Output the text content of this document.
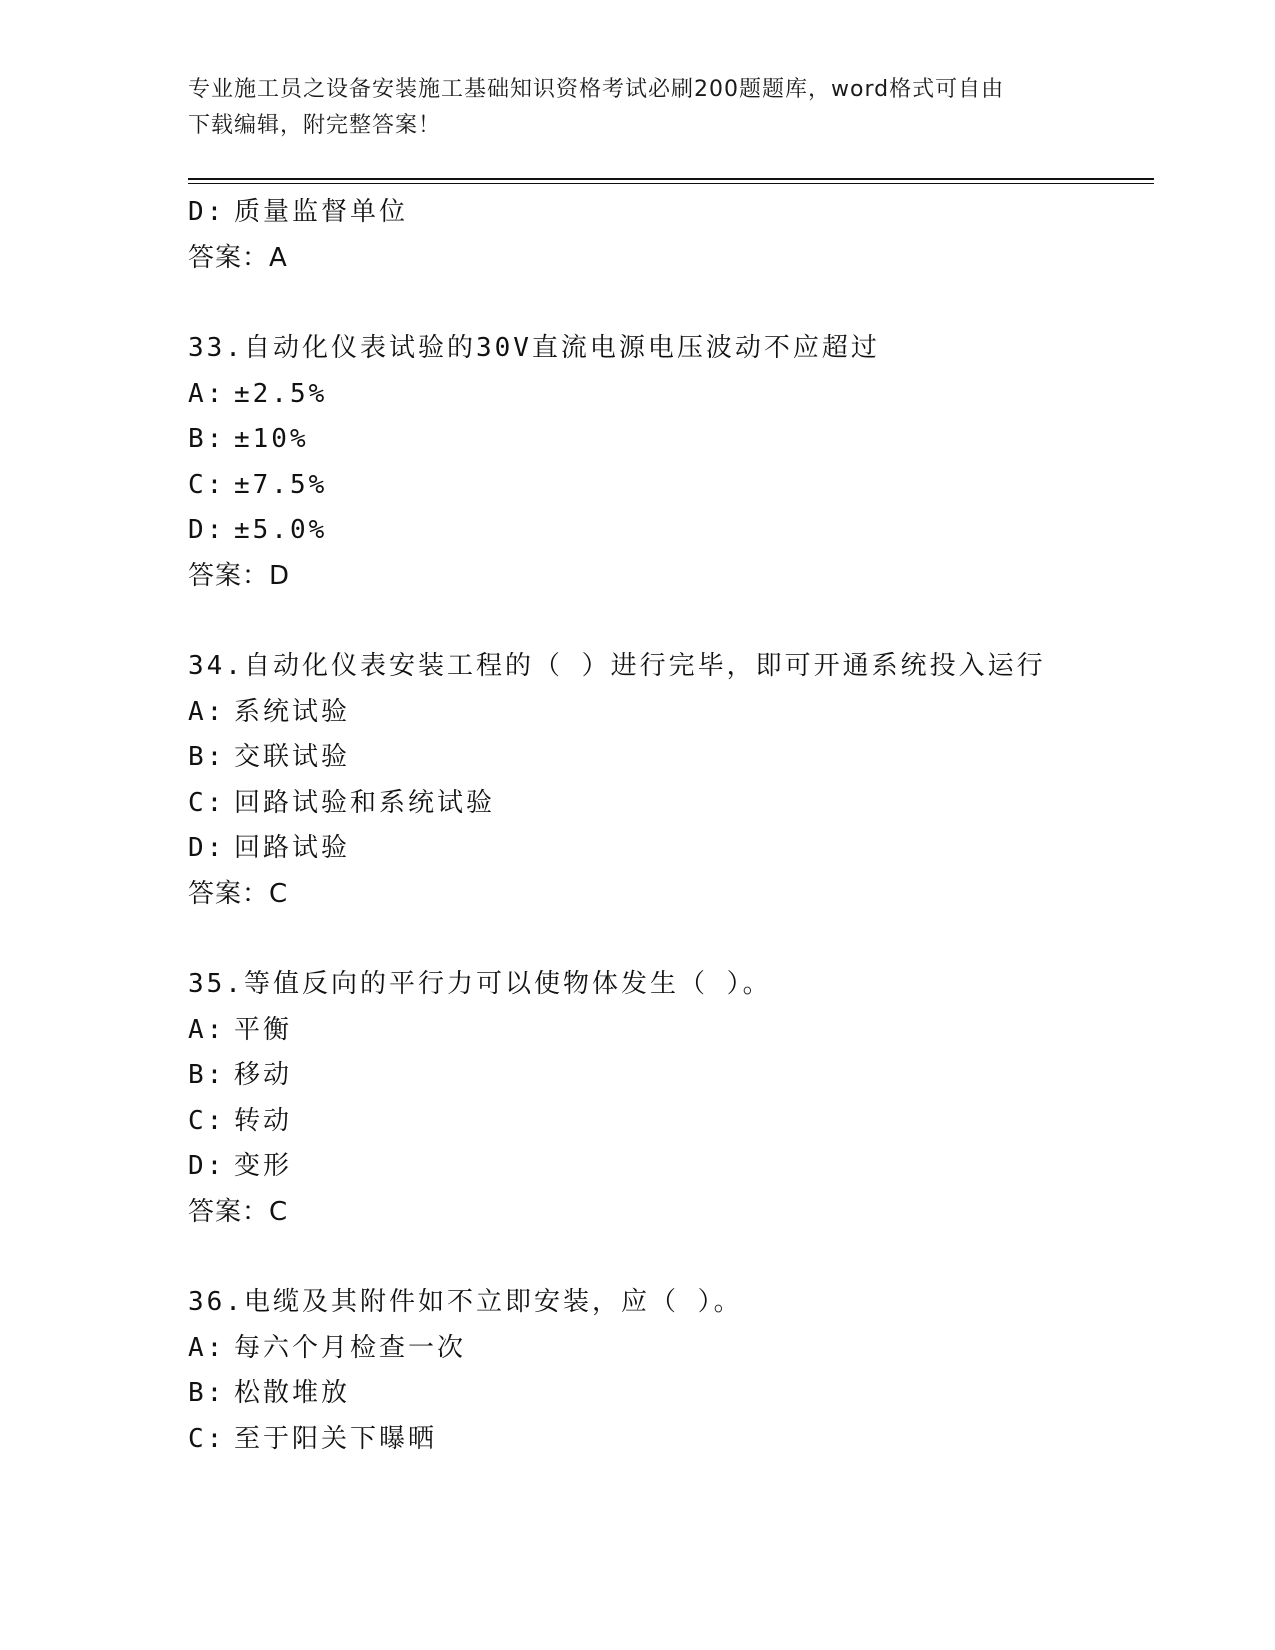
专业施工员之设备安装施工基础知识资格考试必刷200题题库，word格式可自由
下载编辑，附完整答案！
D: 质量监督单位
答案：A
33.自动化仪表试验的30V直流电源电压波动不应超过
A: ±2.5%
B: ±10%
C: ±7.5%
D: ±5.0%
答案：D
34.自动化仪表安装工程的（ ）进行完毕，即可开通系统投入运行
A: 系统试验
B: 交联试验
C: 回路试验和系统试验
D: 回路试验
答案：C
35.等值反向的平行力可以使物体发生（ ）。
A: 平衡
B: 移动
C: 转动
D: 变形
答案：C
36.电缆及其附件如不立即安装，应（ ）。
A: 每六个月检查一次
B: 松散堆放
C: 至于阳关下曝晒
